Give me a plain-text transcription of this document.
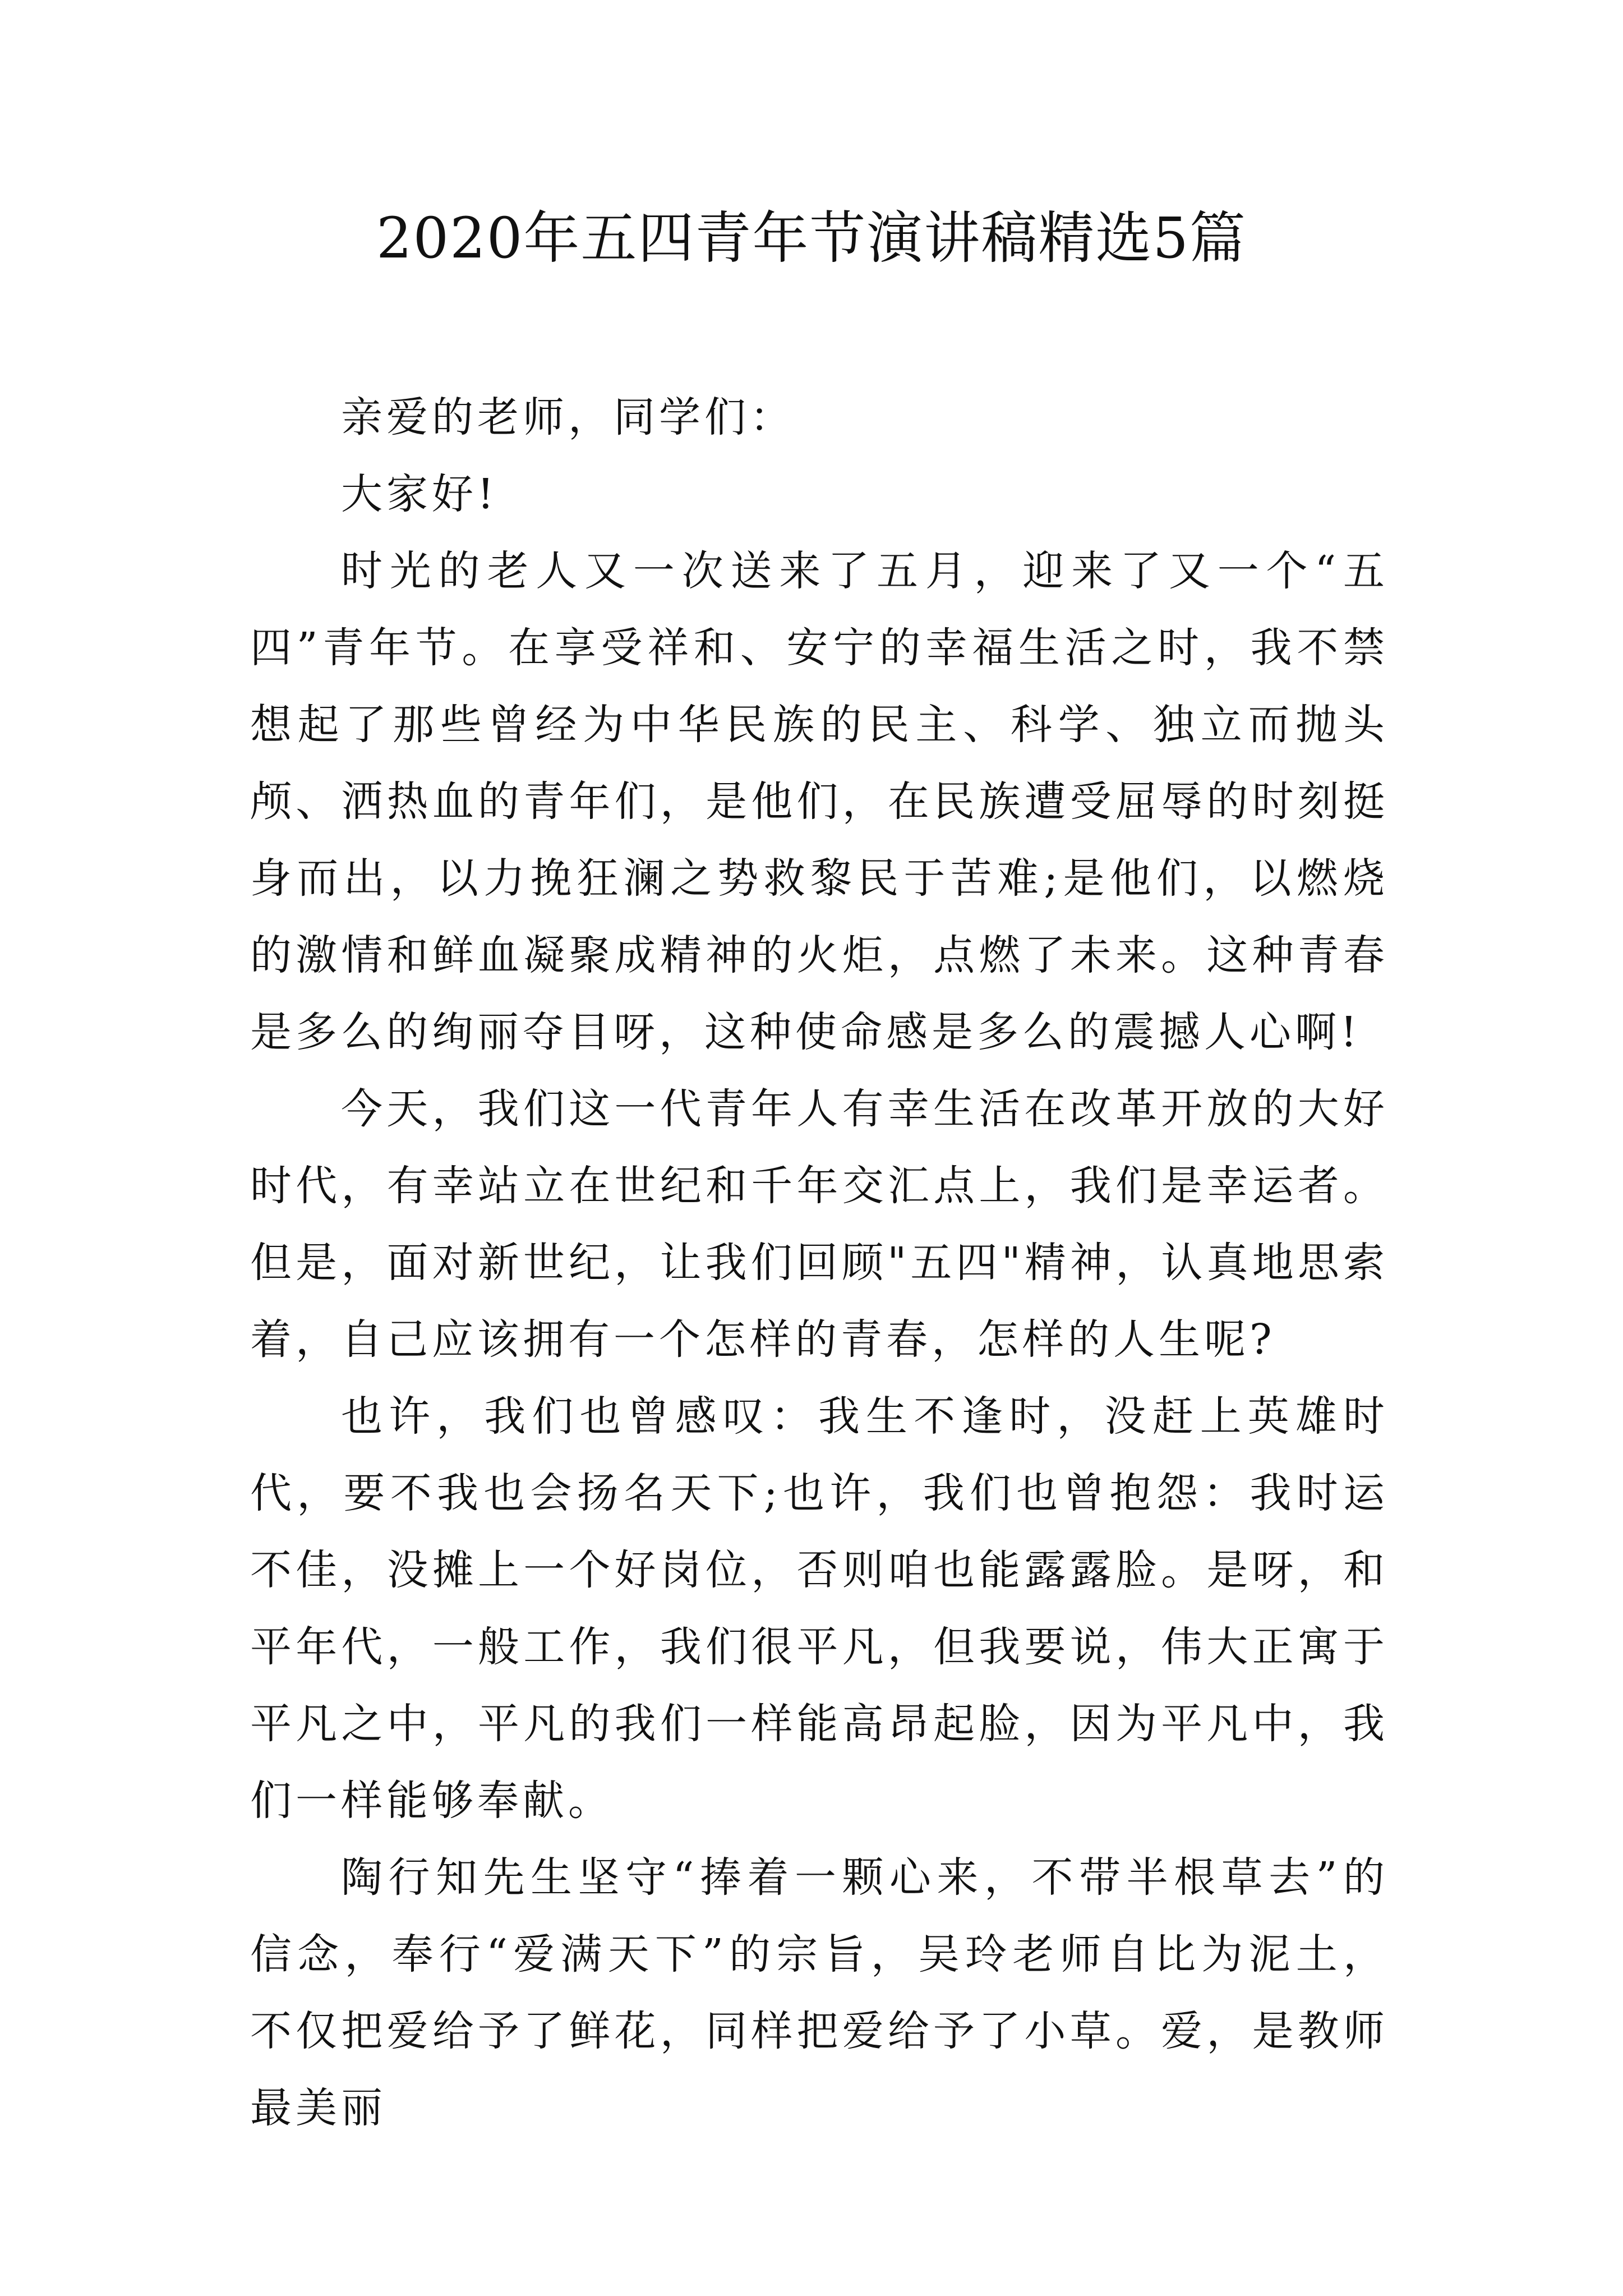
2020年五四青年节演讲稿精选5篇

亲爱的老师，同学们：

大家好!

时光的老人又一次送来了五月，迎来了又一个“五四”青年节。在享受祥和、安宁的幸福生活之时，我不禁想起了那些曾经为中华民族的民主、科学、独立而抛头颅、洒热血的青年们，是他们，在民族遭受屈辱的时刻挺身而出，以力挽狂澜之势救黎民于苦难;是他们，以燃烧的激情和鲜血凝聚成精神的火炬，点燃了未来。这种青春是多么的绚丽夺目呀，这种使命感是多么的震撼人心啊!

今天，我们这一代青年人有幸生活在改革开放的大好时代，有幸站立在世纪和千年交汇点上，我们是幸运者。但是，面对新世纪，让我们回顾"五四"精神，认真地思索着，自己应该拥有一个怎样的青春，怎样的人生呢?

也许，我们也曾感叹：我生不逢时，没赶上英雄时代，要不我也会扬名天下;也许，我们也曾抱怨：我时运不佳，没摊上一个好岗位，否则咱也能露露脸。是呀，和平年代，一般工作，我们很平凡，但我要说，伟大正寓于平凡之中，平凡的我们一样能高昂起脸，因为平凡中，我们一样能够奉献。

陶行知先生坚守“捧着一颗心来，不带半根草去”的信念，奉行“爱满天下”的宗旨，吴玲老师自比为泥土，不仅把爱给予了鲜花，同样把爱给予了小草。爱，是教师最美丽
